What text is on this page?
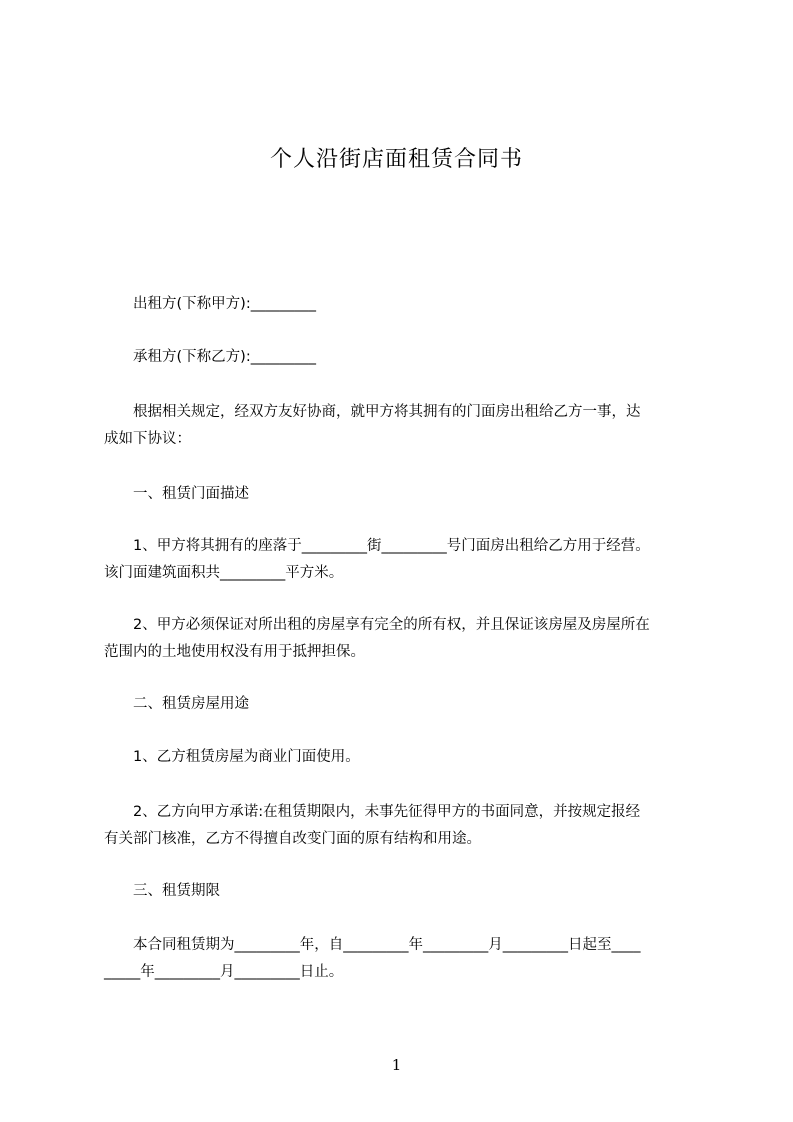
个人沿街店面租赁合同书
　　出租方(下称甲方):_________
　　承租方(下称乙方):_________
　　根据相关规定，经双方友好协商，就甲方将其拥有的门面房出租给乙方一事，达
成如下协议：
　　一、租赁门面描述
　　1、甲方将其拥有的座落于_________街_________号门面房出租给乙方用于经营。
该门面建筑面积共_________平方米。
　　2、甲方必须保证对所出租的房屋享有完全的所有权，并且保证该房屋及房屋所在
范围内的土地使用权没有用于抵押担保。
　　二、租赁房屋用途
　　1、乙方租赁房屋为商业门面使用。
　　2、乙方向甲方承诺:在租赁期限内，未事先征得甲方的书面同意，并按规定报经
有关部门核准，乙方不得擅自改变门面的原有结构和用途。
　　三、租赁期限
　　本合同租赁期为_________年，自_________年_________月_________日起至____
_____年_________月_________日止。
1
